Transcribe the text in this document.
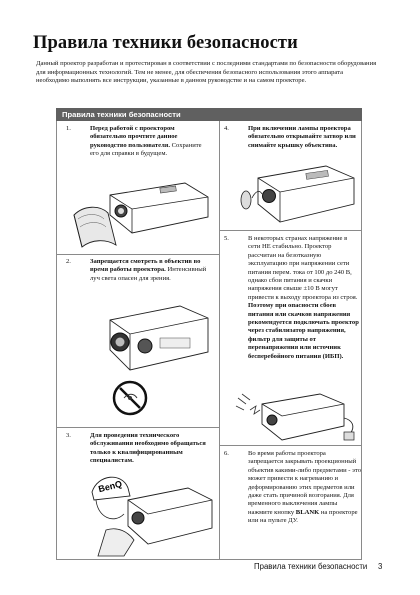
Правила техники безопасности

Данный проектор разработан и протестирован в соответствии с последними стандартами по безопасности оборудования для информационных технологий. Тем не менее, для обеспечения безопасного использования этого аппарата необходимо выполнять все инструкции, указанные в данном руководстве и на самом проекторе.

Правила техники безопасности
1.	Перед работой с проектором обязательно прочтите данное руководство пользователя. Сохраните его для справки в будущем.
2.	Запрещается смотреть в объектив во время работы проектора. Интенсивный луч света опасен для зрения.
3.	Для проведения технического обслуживания необходимо обращаться только к квалифицированным специалистам.
BenQ
4.	При включении лампы проектора обязательно открывайте затвор или снимайте крышку объектива.
5.	В некоторых странах напряжение в сети НЕ стабильно. Проектор рассчитан на безотказную эксплуатацию при напряжении сети питания перем. тока от 100 до 240 В, однако сбои питания и скачки напряжения свыше ±10 В могут привести к выходу проектора из строя. Поэтому при опасности сбоев питания или скачков напряжения рекомендуется подключать проектор через стабилизатор напряжения, фильтр для защиты от перенапряжения или источник бесперебойного питания (ИБП).
6.	Во время работы проектора запрещается закрывать проекционный объектив какими-либо предметами - это может привести к нагреванию и деформированию этих предметов или даже стать причиной возгорания. Для временного выключения лампы нажмите кнопку BLANK на проекторе или на пульте ДУ.
Правила техники безопасности 3
